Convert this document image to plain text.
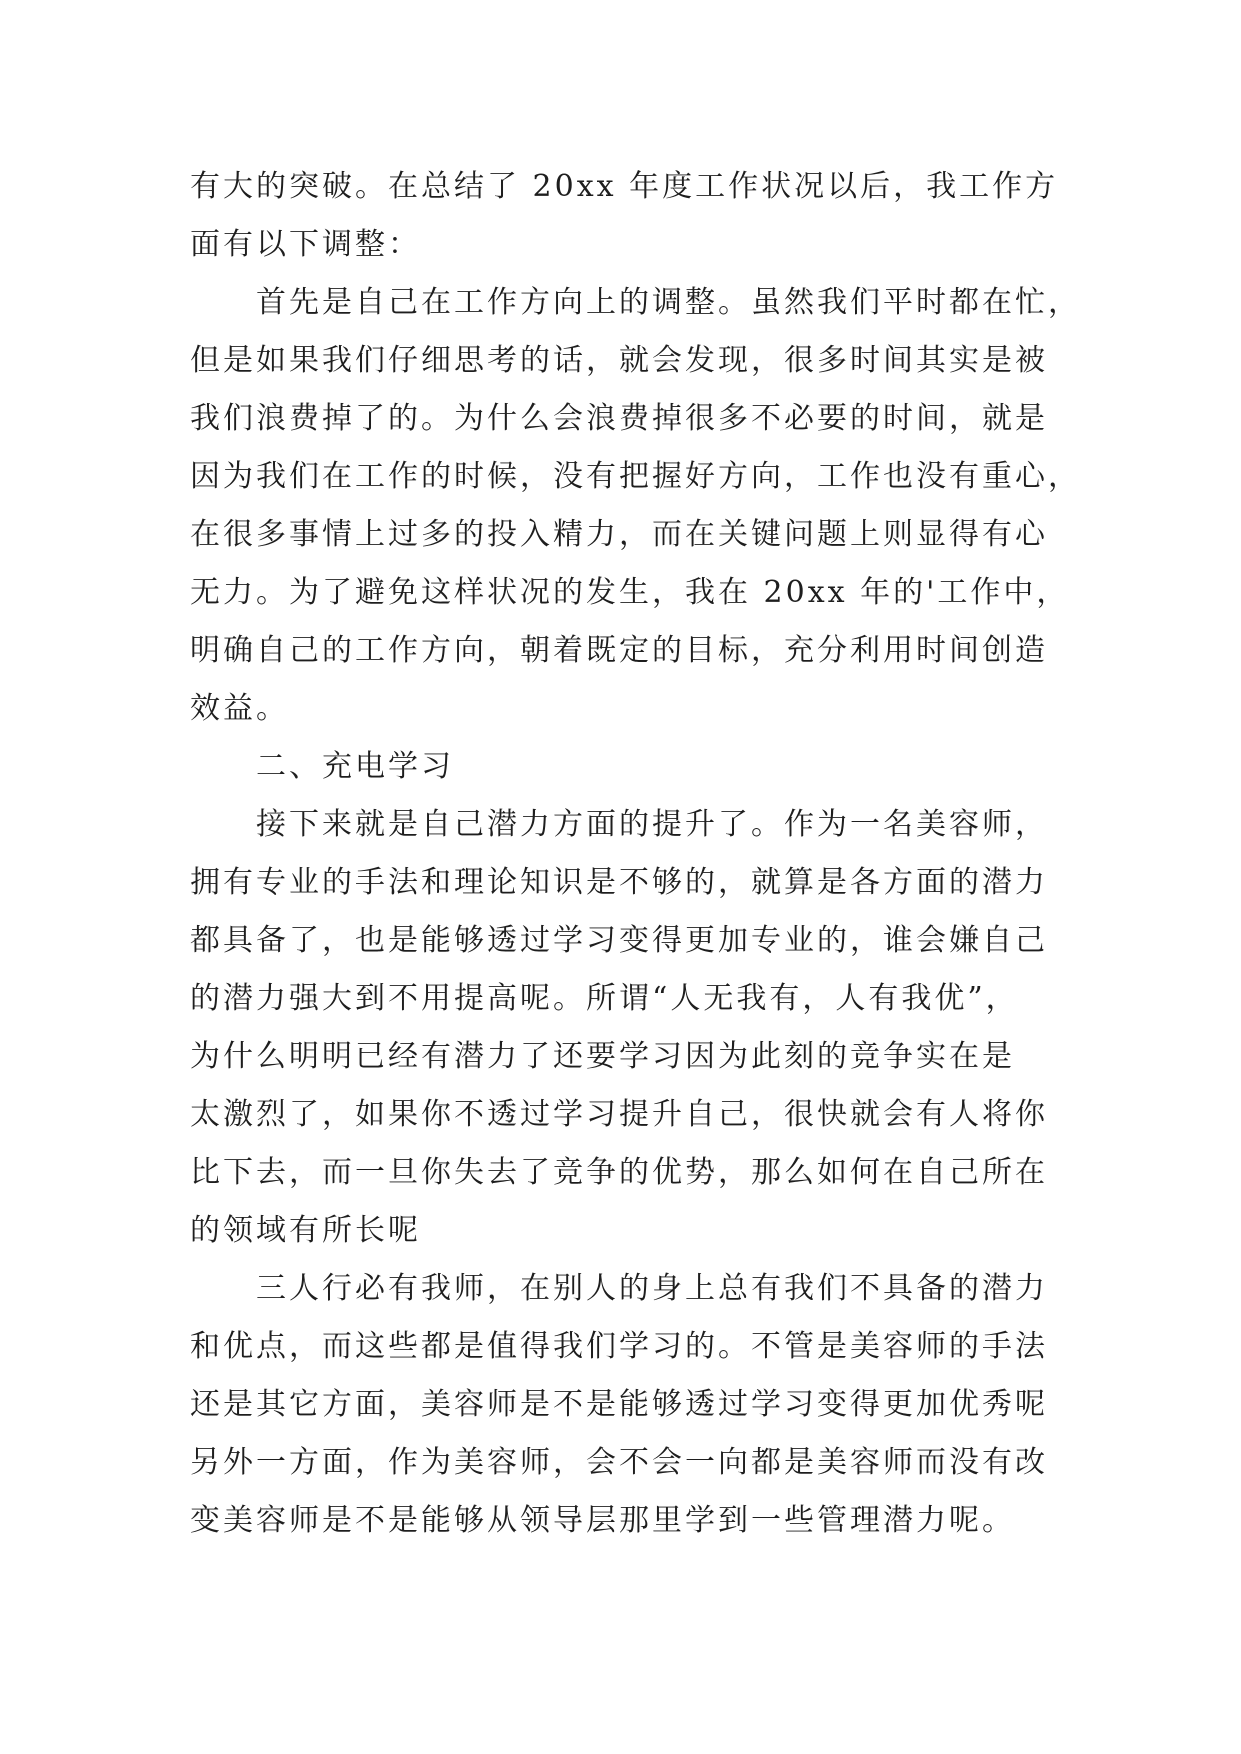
有大的突破。在总结了 20xx 年度工作状况以后，我工作方
面有以下调整：
首先是自己在工作方向上的调整。虽然我们平时都在忙，
但是如果我们仔细思考的话，就会发现，很多时间其实是被
我们浪费掉了的。为什么会浪费掉很多不必要的时间，就是
因为我们在工作的时候，没有把握好方向，工作也没有重心，
在很多事情上过多的投入精力，而在关键问题上则显得有心
无力。为了避免这样状况的发生，我在 20xx 年的'工作中，
明确自己的工作方向，朝着既定的目标，充分利用时间创造
效益。
二、充电学习
接下来就是自己潜力方面的提升了。作为一名美容师，
拥有专业的手法和理论知识是不够的，就算是各方面的潜力
都具备了，也是能够透过学习变得更加专业的，谁会嫌自己
的潜力强大到不用提高呢。所谓“人无我有，人有我优”，
为什么明明已经有潜力了还要学习因为此刻的竞争实在是
太激烈了，如果你不透过学习提升自己，很快就会有人将你
比下去，而一旦你失去了竞争的优势，那么如何在自己所在
的领域有所长呢
三人行必有我师，在别人的身上总有我们不具备的潜力
和优点，而这些都是值得我们学习的。不管是美容师的手法
还是其它方面，美容师是不是能够透过学习变得更加优秀呢
另外一方面，作为美容师，会不会一向都是美容师而没有改
变美容师是不是能够从领导层那里学到一些管理潜力呢。
